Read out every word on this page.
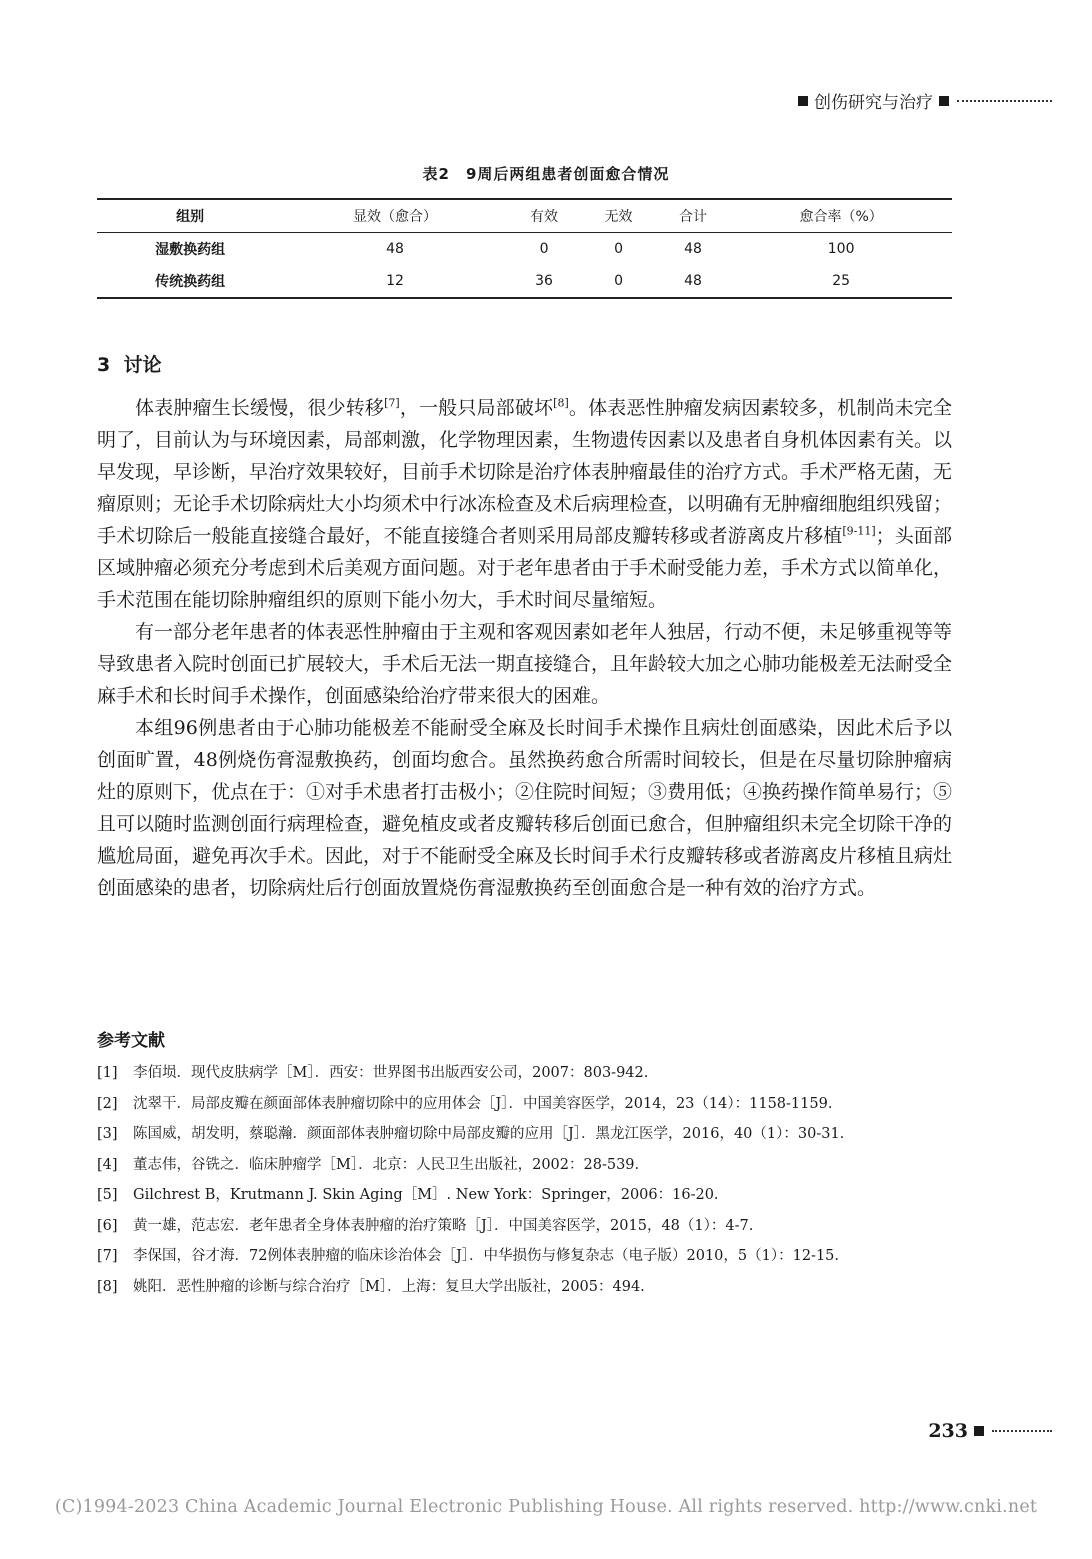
创伤研究与治疗
表2　9周后两组患者创面愈合情况
组别	显效（愈合）	有效	无效	合计	愈合率（%）
湿敷换药组	48	0	0	48	100
传统换药组	12	36	0	48	25
3 讨论

体表肿瘤生长缓慢，很少转移[7]，一般只局部破坏[8]。体表恶性肿瘤发病因素较多，机制尚未完全明了，目前认为与环境因素，局部刺激，化学物理因素，生物遗传因素以及患者自身机体因素有关。以早发现，早诊断，早治疗效果较好，目前手术切除是治疗体表肿瘤最佳的治疗方式。手术严格无菌，无瘤原则；无论手术切除病灶大小均须术中行冰冻检查及术后病理检查，以明确有无肿瘤细胞组织残留；手术切除后一般能直接缝合最好，不能直接缝合者则采用局部皮瓣转移或者游离皮片移植[9-11]；头面部区域肿瘤必须充分考虑到术后美观方面问题。对于老年患者由于手术耐受能力差，手术方式以简单化，手术范围在能切除肿瘤组织的原则下能小勿大，手术时间尽量缩短。

有一部分老年患者的体表恶性肿瘤由于主观和客观因素如老年人独居，行动不便，未足够重视等等导致患者入院时创面已扩展较大，手术后无法一期直接缝合，且年龄较大加之心肺功能极差无法耐受全麻手术和长时间手术操作，创面感染给治疗带来很大的困难。

本组96例患者由于心肺功能极差不能耐受全麻及长时间手术操作且病灶创面感染，因此术后予以创面旷置，48例烧伤膏湿敷换药，创面均愈合。虽然换药愈合所需时间较长，但是在尽量切除肿瘤病灶的原则下，优点在于：①对手术患者打击极小；②住院时间短；③费用低；④换药操作简单易行；⑤且可以随时监测创面行病理检查，避免植皮或者皮瓣转移后创面已愈合，但肿瘤组织未完全切除干净的尴尬局面，避免再次手术。因此，对于不能耐受全麻及长时间手术行皮瓣转移或者游离皮片移植且病灶创面感染的患者，切除病灶后行创面放置烧伤膏湿敷换药至创面愈合是一种有效的治疗方式。

参考文献
[1]	李佰埙．现代皮肤病学［M］．西安：世界图书出版西安公司，2007：803-942.
[2]	沈翠干．局部皮瓣在颜面部体表肿瘤切除中的应用体会［J］．中国美容医学，2014，23（14）：1158-1159.
[3]	陈国威，胡发明，蔡聪瀚．颜面部体表肿瘤切除中局部皮瓣的应用［J］．黑龙江医学，2016，40（1）：30-31.
[4]	董志伟，谷铣之．临床肿瘤学［M］．北京：人民卫生出版社，2002：28-539.
[5]	Gilchrest B，Krutmann J. Skin Aging［M］. New York：Springer，2006：16-20.
[6]	黄一雄，范志宏．老年患者全身体表肿瘤的治疗策略［J］．中国美容医学，2015，48（1）：4-7.
[7]	李保国，谷才海．72例体表肿瘤的临床诊治体会［J］．中华损伤与修复杂志（电子版）2010，5（1）：12-15.
[8]	姚阳．恶性肿瘤的诊断与综合治疗［M］．上海：复旦大学出版社，2005：494.
233
(C)1994-2023 China Academic Journal Electronic Publishing House. All rights reserved. http://www.cnki.net
